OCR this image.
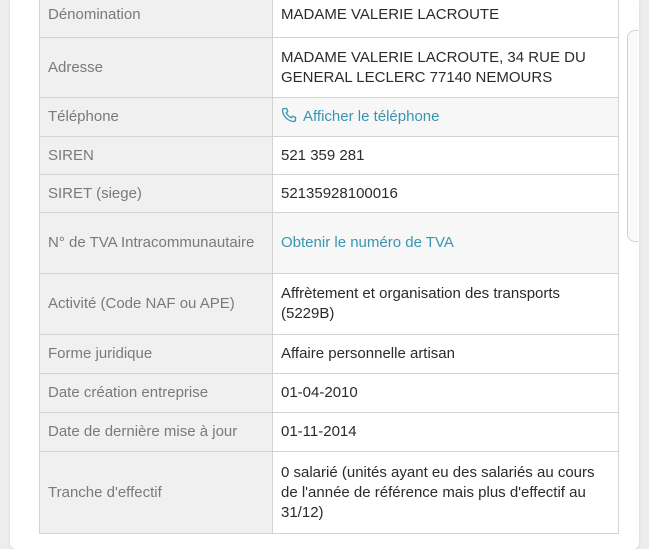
Dénomination	MADAME VALERIE LACROUTE
Adresse	MADAME VALERIE LACROUTE, 34 RUE DU GENERAL LECLERC 77140 NEMOURS
Téléphone	Afficher le téléphone
SIREN	521 359 281
SIRET (siege)	52135928100016
N° de TVA Intracommunautaire	Obtenir le numéro de TVA
Activité (Code NAF ou APE)	Affrètement et organisation des transports (5229B)
Forme juridique	Affaire personnelle artisan
Date création entreprise	01-04-2010
Date de dernière mise à jour	01-11-2014
Tranche d'effectif	0 salarié (unités ayant eu des salariés au cours de l'année de référence mais plus d'effectif au 31/12)
